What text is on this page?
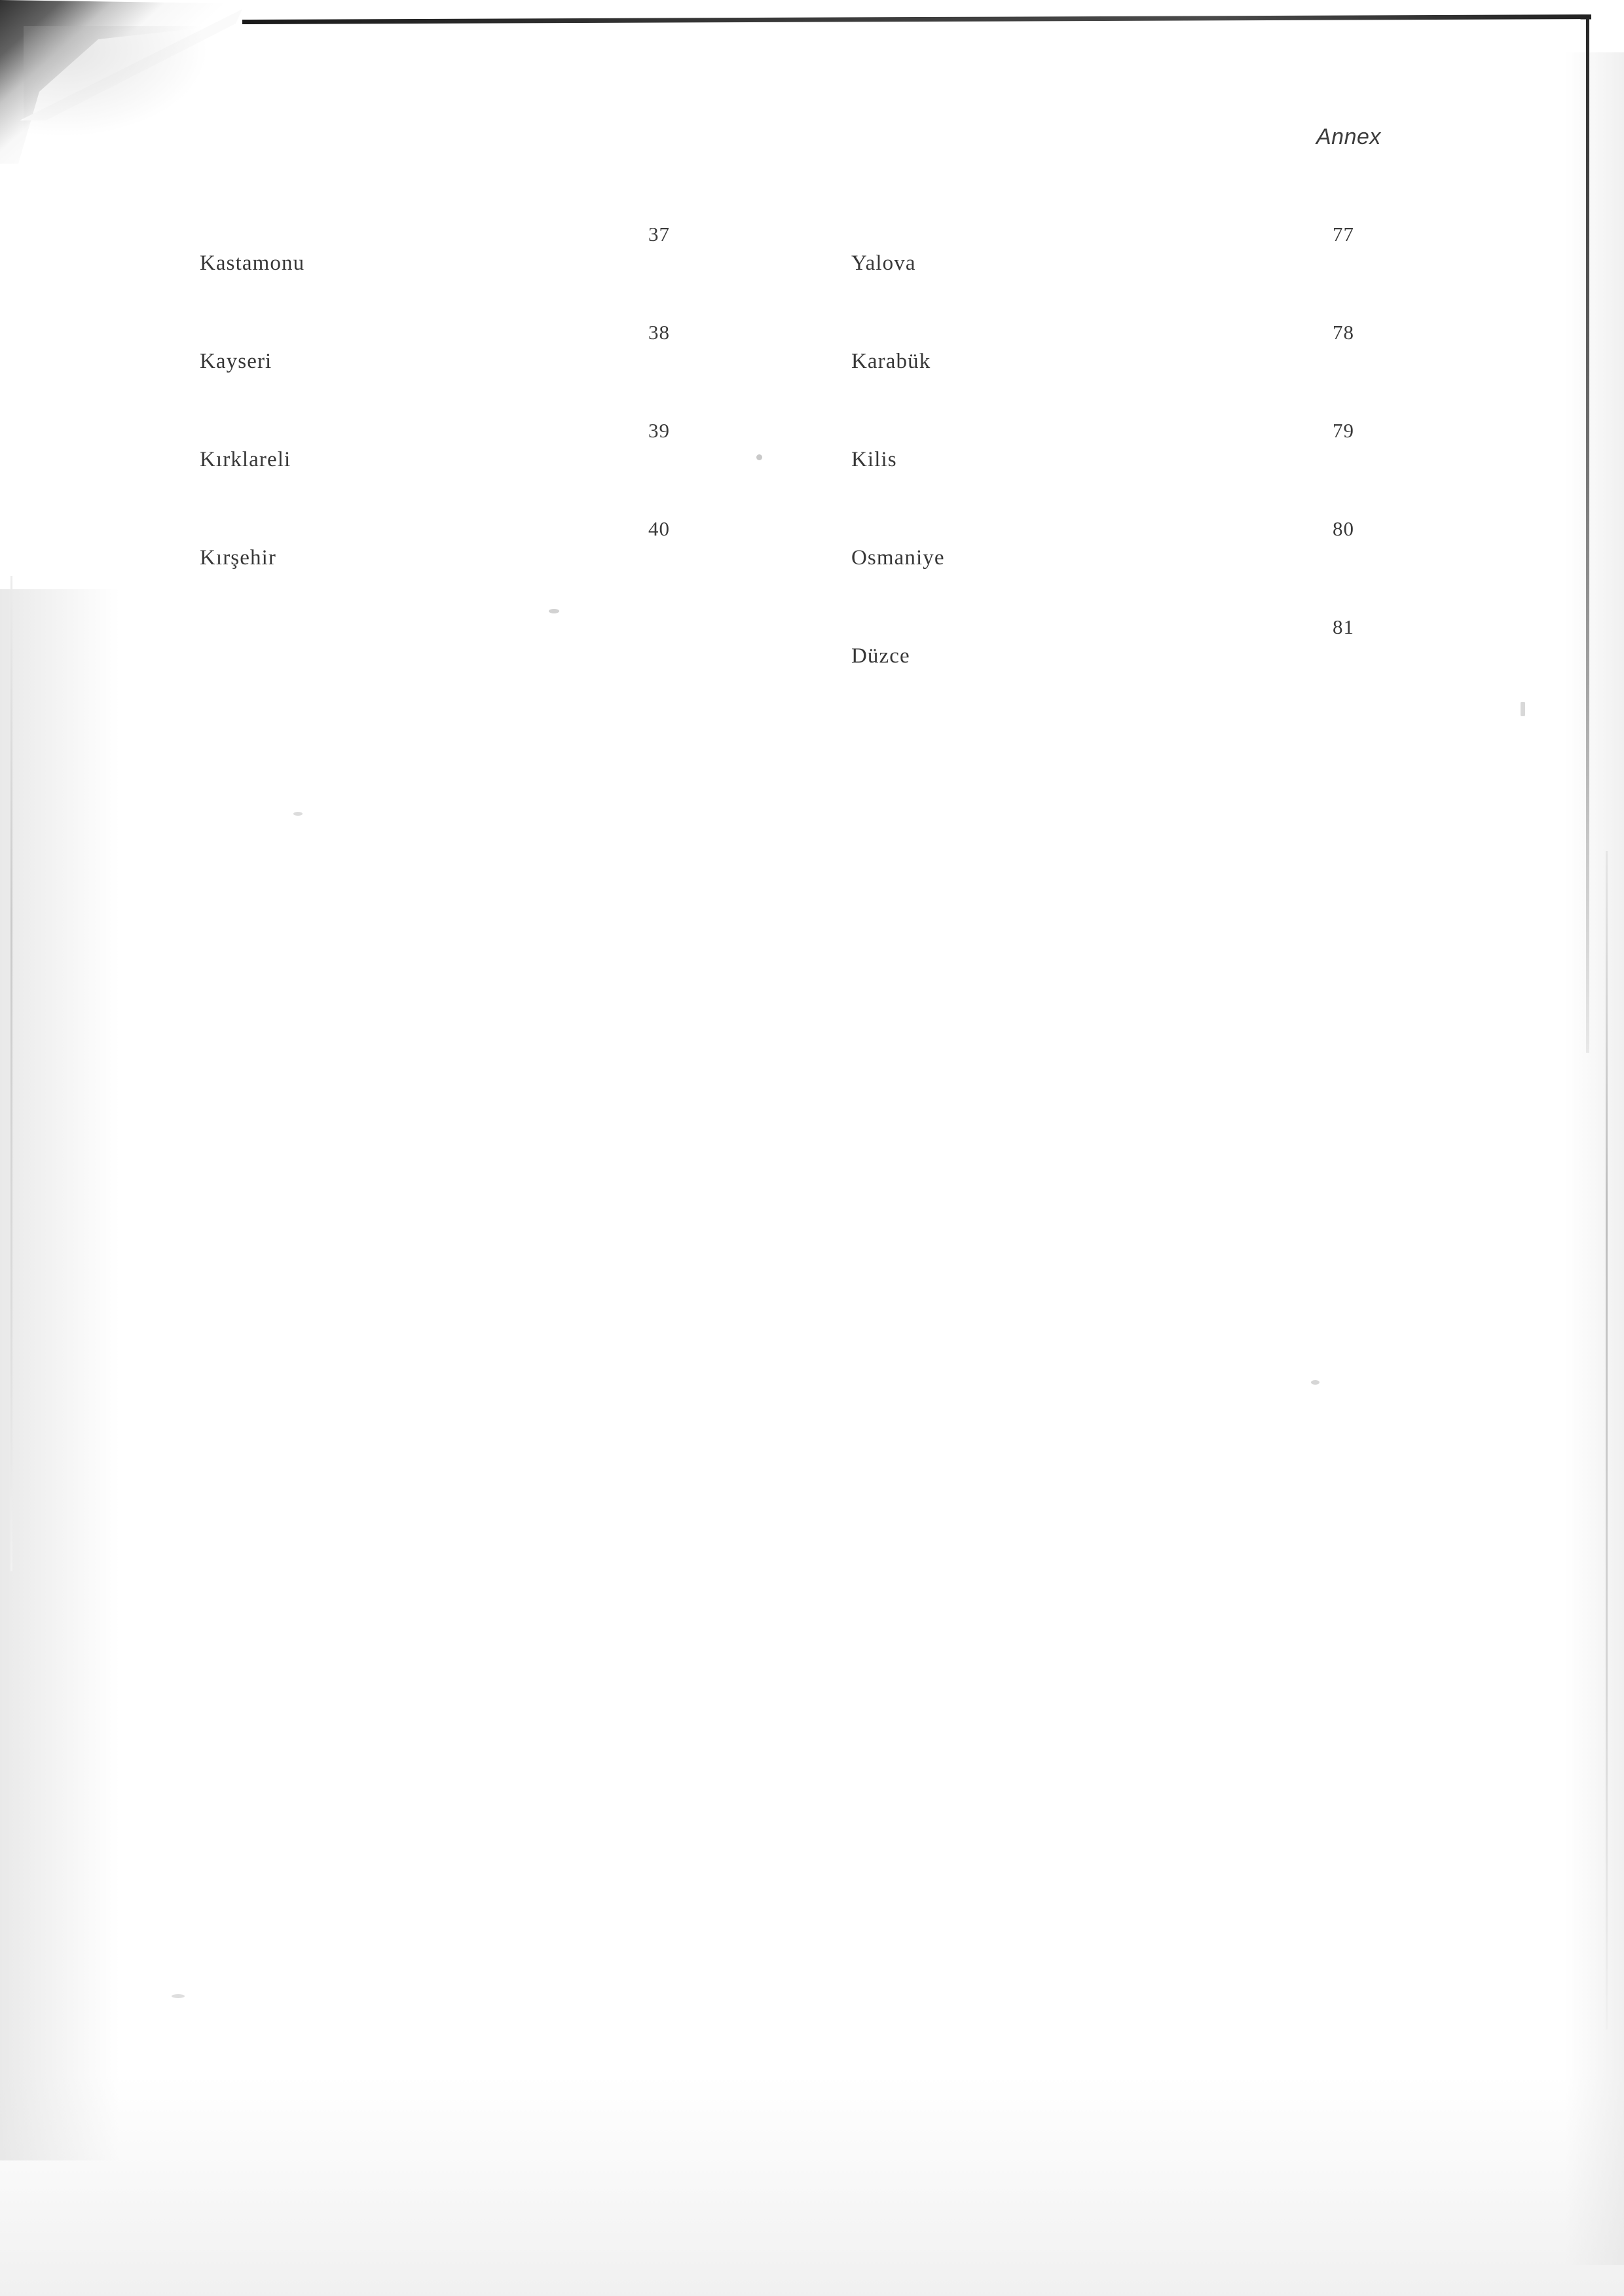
Annex
37
Kastamonu
38
Kayseri
39
Kırklareli
40
Kırşehir
77
Yalova
78
Karabük
79
Kilis
80
Osmaniye
81
Düzce
